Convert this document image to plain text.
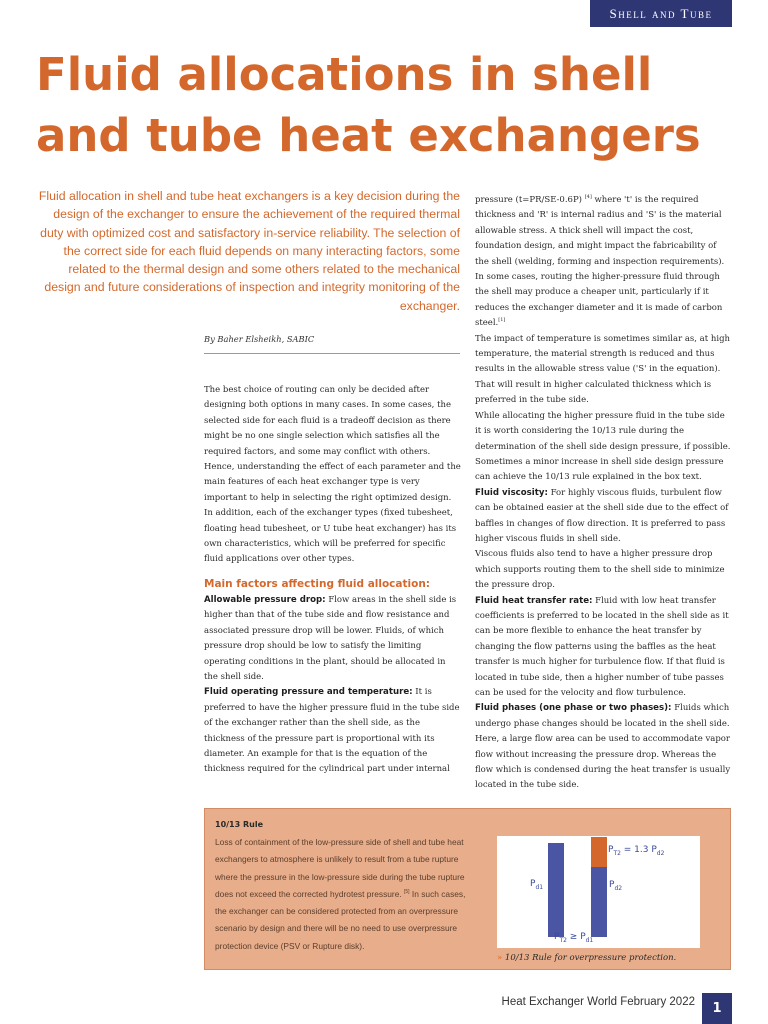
Shell and Tube
Fluid allocations in shell and tube heat exchangers

Fluid allocation in shell and tube heat exchangers is a key decision during the design of the exchanger to ensure the achievement of the required thermal duty with optimized cost and satisfactory in-service reliability. The selection of the correct side for each fluid depends on many interacting factors, some related to the thermal design and some others related to the mechanical design and future considerations of inspection and integrity monitoring of the exchanger.

By Baher Elsheikh, SABIC

The best choice of routing can only be decided after designing both options in many cases. In some cases, the selected side for each fluid is a tradeoff decision as there might be no one single selection which satisfies all the required factors, and some may conflict with others. Hence, understanding the effect of each parameter and the main features of each heat exchanger type is very important to help in selecting the right optimized design.

In addition, each of the exchanger types (fixed tubesheet, floating head tubesheet, or U tube heat exchanger) has its own characteristics, which will be preferred for specific fluid applications over other types.

Main factors affecting fluid allocation:

Allowable pressure drop: Flow areas in the shell side is higher than that of the tube side and flow resistance and associated pressure drop will be lower. Fluids, of which pressure drop should be low to satisfy the limiting operating conditions in the plant, should be allocated in the shell side.

Fluid operating pressure and temperature: It is preferred to have the higher pressure fluid in the tube side of the exchanger rather than the shell side, as the thickness of the pressure part is proportional with its diameter. An example for that is the equation of the thickness required for the cylindrical part under internal

pressure (t=PR/SE-0.6P) [4] where 't' is the required thickness and 'R' is internal radius and 'S' is the material allowable stress. A thick shell will impact the cost, foundation design, and might impact the fabricability of the shell (welding, forming and inspection requirements).

In some cases, routing the higher-pressure fluid through the shell may produce a cheaper unit, particularly if it reduces the exchanger diameter and it is made of carbon steel.[1]

The impact of temperature is sometimes similar as, at high temperature, the material strength is reduced and thus results in the allowable stress value ('S' in the equation). That will result in higher calculated thickness which is preferred in the tube side.

While allocating the higher pressure fluid in the tube side it is worth considering the 10/13 rule during the determination of the shell side design pressure, if possible. Sometimes a minor increase in shell side design pressure can achieve the 10/13 rule explained in the box text.

Fluid viscosity: For highly viscous fluids, turbulent flow can be obtained easier at the shell side due to the effect of baffles in changes of flow direction. It is preferred to pass higher viscous fluids in shell side.

Viscous fluids also tend to have a higher pressure drop which supports routing them to the shell side to minimize the pressure drop.

Fluid heat transfer rate: Fluid with low heat transfer coefficients is preferred to be located in the shell side as it can be more flexible to enhance the heat transfer by changing the flow patterns using the baffles as the heat transfer is much higher for turbulence flow. If that fluid is located in tube side, then a higher number of tube passes can be used for the velocity and flow turbulence.

Fluid phases (one phase or two phases): Fluids which undergo phase changes should be located in the shell side. Here, a large flow area can be used to accommodate vapor flow without increasing the pressure drop. Whereas the flow which is condensed during the heat transfer is usually located in the tube side.

10/13 Rule

Loss of containment of the low-pressure side of shell and tube heat exchangers to atmosphere is unlikely to result from a tube rupture where the pressure in the low-pressure side during the tube rupture does not exceed the corrected hydrotest pressure. [5] In such cases, the exchanger can be considered protected from an overpressure scenario by design and there will be no need to use overpressure protection device (PSV or Rupture disk).

$P_{d1}$	$P_{d2}$
$P_{T2} = 1.3$ $P_{d2}$
$P_{T2} \ge P_{d1}$
» 10/13 Rule for overpressure protection.
Heat Exchanger World February 2022	1
